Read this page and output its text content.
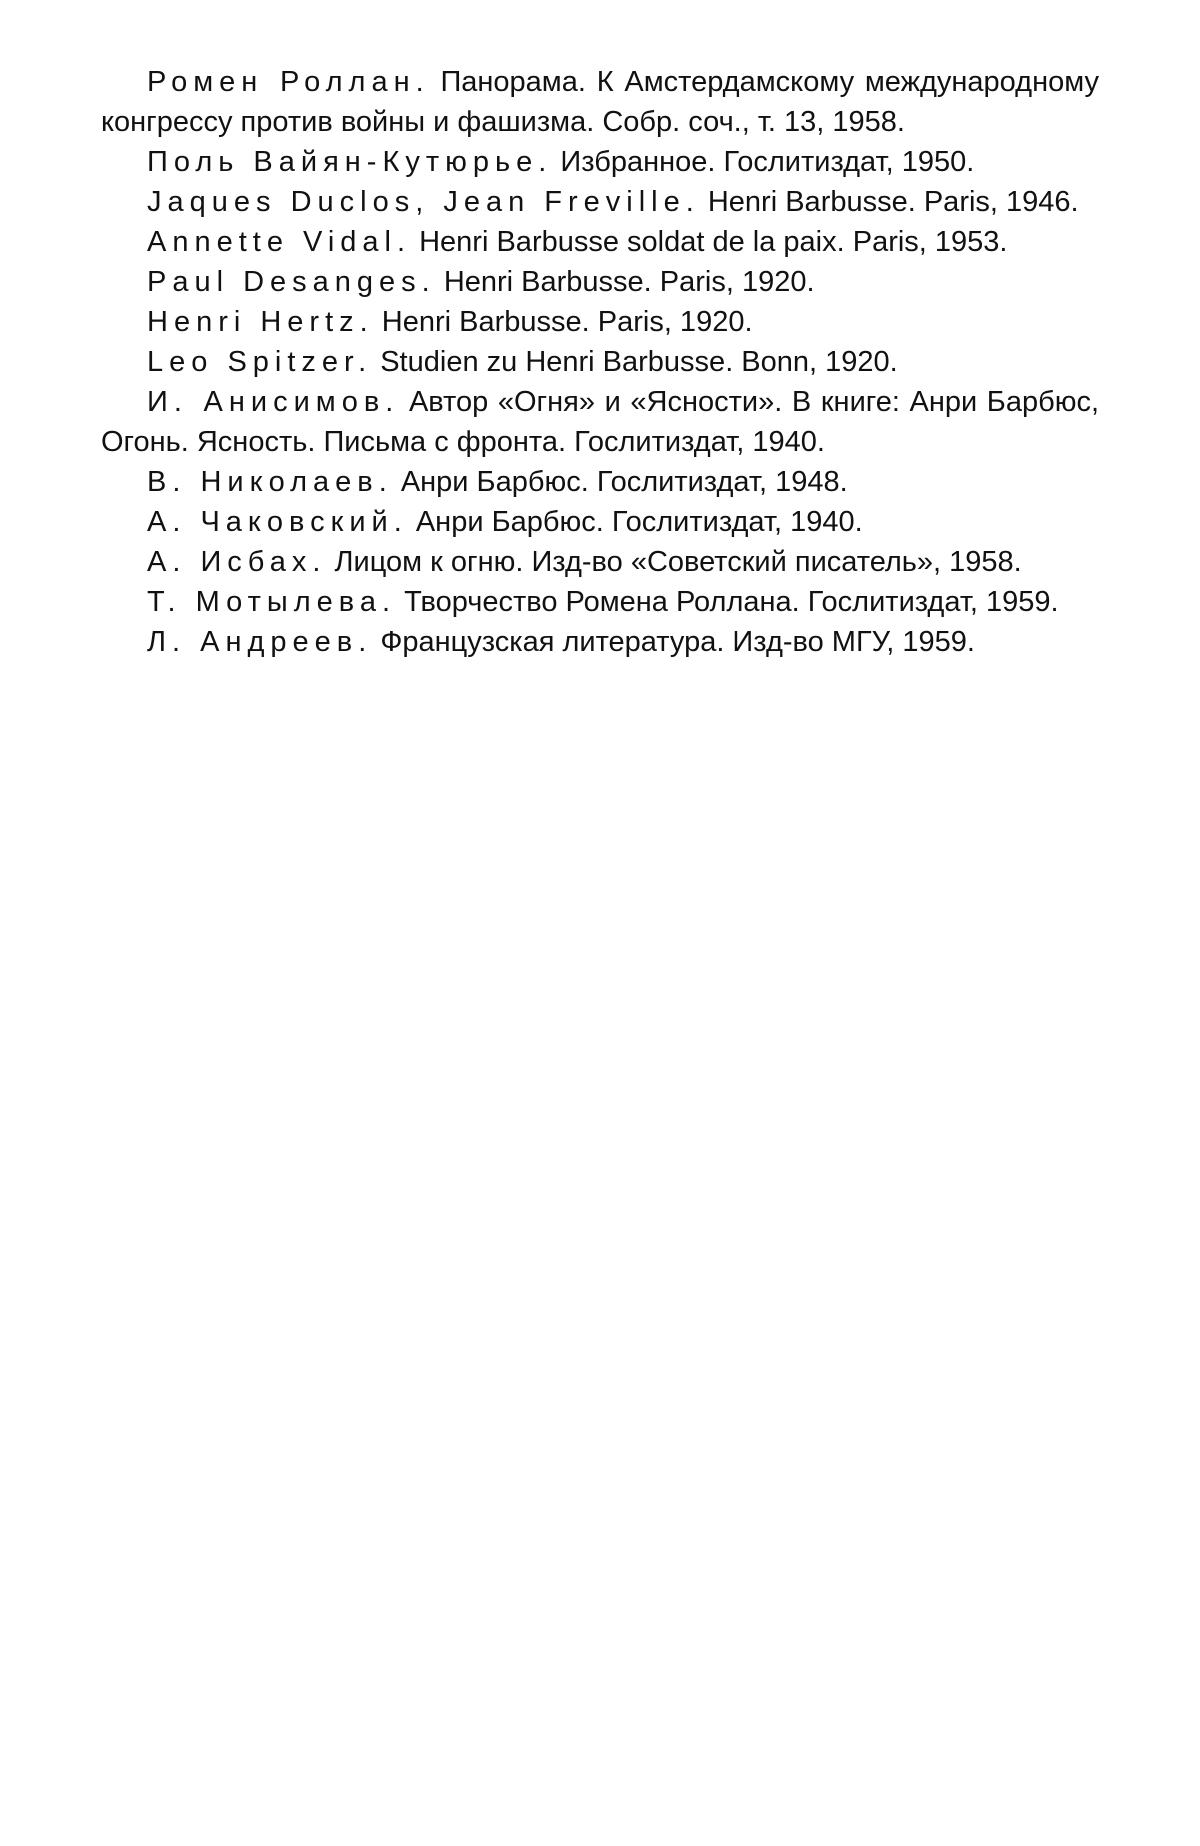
Ромен Роллан. Панорама. К Амстердамскому международному конгрессу против войны и фашизма. Собр. соч., т. 13, 1958.

Поль Вайян-Кутюрье. Избранное. Гослитиздат, 1950.

Jaques Duclos, Jean Freville. Henri Barbusse. Paris, 1946.

Annette Vidal. Henri Barbusse soldat de la paix. Paris, 1953.

Paul Desanges. Henri Barbusse. Paris, 1920.

Henri Hertz. Henri Barbusse. Paris, 1920.

Leo Spitzer. Studien zu Henri Barbusse. Bonn, 1920.

И. Анисимов. Автор «Огня» и «Ясности». В книге: Анри Барбюс, Огонь. Ясность. Письма с фронта. Гослитиздат, 1940.

В. Николаев. Анри Барбюс. Гослитиздат, 1948.

А. Чаковский. Анри Барбюс. Гослитиздат, 1940.

А. Исбах. Лицом к огню. Изд-во «Советский писатель», 1958.

Т. Мотылева. Творчество Ромена Роллана. Гослитиздат, 1959.

Л. Андреев. Французская литература. Изд-во МГУ, 1959.
